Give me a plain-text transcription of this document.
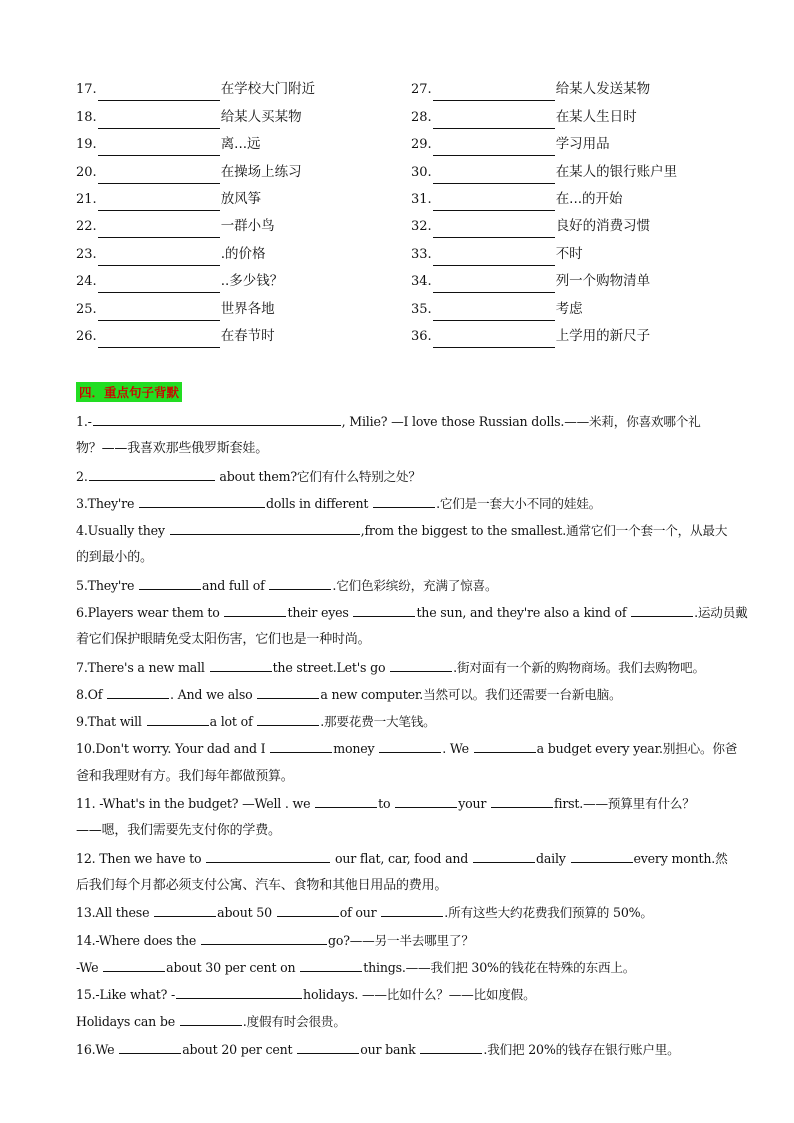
17.	在学校大门附近	27.	给某人发送某物
18.	给某人买某物	28.	在某人生日时
19.	离...远	29.	学习用品
20.	在操场上练习	30.	在某人的银行账户里
21.	放风筝	31.	在...的开始
22.	一群小鸟	32.	良好的消费习惯
23.	.的价格	33.	不时
24.	..多少钱？	34.	列一个购物清单
25.	世界各地	35.	考虑
26.	在春节时	36.	上学用的新尺子
四．重点句子背默
1.-	, Milie? —I love those Russian dolls.——米莉，你喜欢哪个礼
物？——我喜欢那些俄罗斯套娃。
2.	about them?它们有什么特别之处？
3.They're	dolls in different	.它们是一套大小不同的娃娃。
4.Usually they	,from the biggest to the smallest.通常它们一个套一个，从最大
的到最小的。
5.They're	and full of	.它们色彩缤纷，充满了惊喜。
6.Players wear them to	their eyes	the sun, and they're also a kind of	.运动员戴
着它们保护眼睛免受太阳伤害，它们也是一种时尚。
7.There's a new mall	the street.Let's go	.街对面有一个新的购物商场。我们去购物吧。
8.Of	. And we also	a new computer.当然可以。我们还需要一台新电脑。
9.That will	a lot of	.那要花费一大笔钱。
10.Don't worry. Your dad and I	money	. We	a budget every year.别担心。你爸
爸和我理财有方。我们每年都做预算。
11. -What's in the budget? —Well . we	to	your	first.——预算里有什么？
——嗯，我们需要先支付你的学费。
12. Then we have to	our flat, car, food and	daily	every month.然
后我们每个月都必须支付公寓、汽车、食物和其他日用品的费用。
13.All these	about 50	of our	.所有这些大约花费我们预算的 50%。
14.-Where does the	go?——另一半去哪里了？
-We	about 30 per cent on	things.——我们把 30%的钱花在特殊的东西上。
15.-Like what? -	holidays. ——比如什么？——比如度假。
Holidays can be	.度假有时会很贵。
16.We	about 20 per cent	our bank	.我们把 20%的钱存在银行账户里。
